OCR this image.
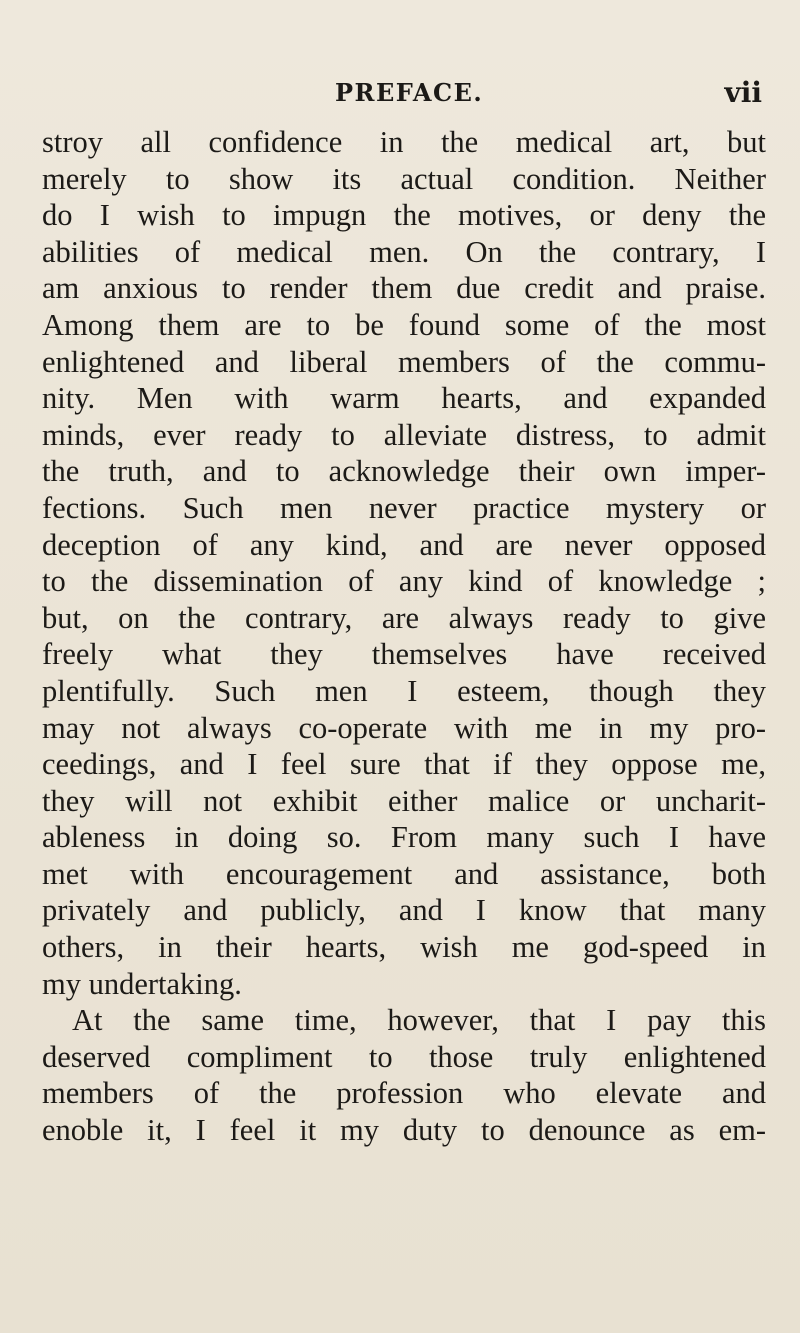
PREFACE.	vii
stroy all confidence in the medical art, but
merely to show its actual condition. Neither
do I wish to impugn the motives, or deny the
abilities of medical men. On the contrary, I
am anxious to render them due credit and praise.
Among them are to be found some of the most
enlightened and liberal members of the commu-
nity. Men with warm hearts, and expanded
minds, ever ready to alleviate distress, to admit
the truth, and to acknowledge their own imper-
fections. Such men never practice mystery or
deception of any kind, and are never opposed
to the dissemination of any kind of knowledge ;
but, on the contrary, are always ready to give
freely what they themselves have received
plentifully. Such men I esteem, though they
may not always co-operate with me in my pro-
ceedings, and I feel sure that if they oppose me,
they will not exhibit either malice or uncharit-
ableness in doing so. From many such I have
met with encouragement and assistance, both
privately and publicly, and I know that many
others, in their hearts, wish me god-speed in
my undertaking.
At the same time, however, that I pay this
deserved compliment to those truly enlightened
members of the profession who elevate and
enoble it, I feel it my duty to denounce as em-
